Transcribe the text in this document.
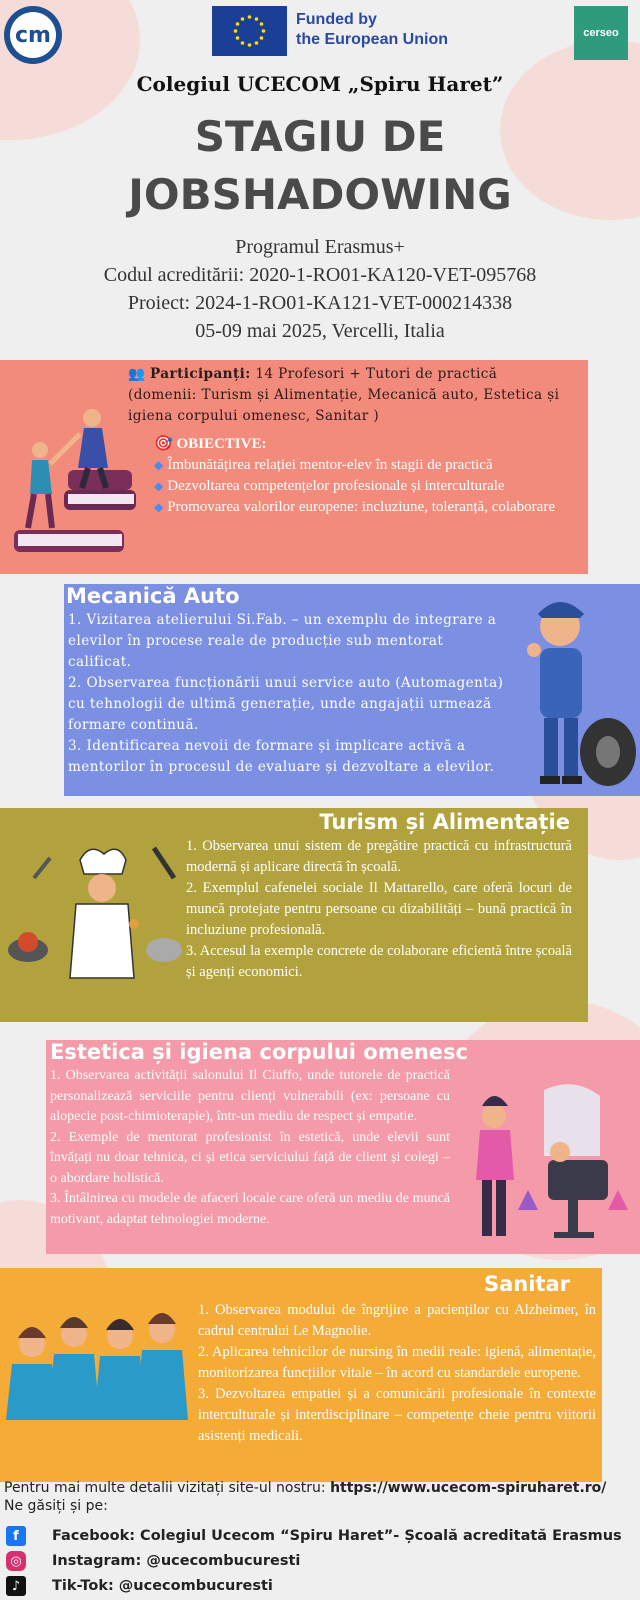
cm
Funded by
the European Union	cerseo
Colegiul UCECOM „Spiru Haret”
STAGIU DE
JOBSHADOWING
Programul Erasmus+
Codul acreditării: 2020-1-RO01-KA120-VET-095768
Proiect: 2024-1-RO01-KA121-VET-000214338
05-09 mai 2025, Vercelli, Italia
👥 Participanți: 14 Profesori + Tutori de practică (domenii: Turism și Alimentație, Mecanică auto, Estetica și igiena corpului omenesc, Sanitar )
🎯 OBIECTIVE:
◆ Îmbunătățirea relației mentor-elev în stagii de practică
◆ Dezvoltarea competențelor profesionale și interculturale
◆ Promovarea valorilor europene: incluziune, toleranță, colaborare
Mecanică Auto
1. Vizitarea atelierului Si.Fab. – un exemplu de integrare a elevilor în procese reale de producție sub mentorat calificat.
2. Observarea funcționării unui service auto (Automagenta) cu tehnologii de ultimă generație, unde angajații urmează formare continuă.
3. Identificarea nevoii de formare și implicare activă a mentorilor în procesul de evaluare și dezvoltare a elevilor.
Turism și Alimentație
1. Observarea unui sistem de pregătire practică cu infrastructură modernă și aplicare directă în școală.
2. Exemplul cafenelei sociale Il Mattarello, care oferă locuri de muncă protejate pentru persoane cu dizabilități – bună practică în incluziune profesională.
3. Accesul la exemple concrete de colaborare eficientă între școală și agenți economici.
Estetica și igiena corpului omenesc
1. Observarea activității salonului Il Ciuffo, unde tutorele de practică personalizează serviciile pentru clienți vulnerabili (ex: persoane cu alopecie post-chimioterapie), într-un mediu de respect și empatie.
2. Exemple de mentorat profesionist în estetică, unde elevii sunt învățați nu doar tehnica, ci și etica serviciului față de client și colegi – o abordare holistică.
3. Întâlnirea cu modele de afaceri locale care oferă un mediu de muncă motivant, adaptat tehnologiei moderne.
Sanitar
1. Observarea modului de îngrijire a pacienților cu Alzheimer, în cadrul centrului Le Magnolie.
2. Aplicarea tehnicilor de nursing în medii reale: igienă, alimentație, monitorizarea funcțiilor vitale – în acord cu standardele europene.
3. Dezvoltarea empatiei și a comunicării profesionale în contexte interculturale și interdisciplinare – competențe cheie pentru viitorii asistenți medicali.
Pentru mai multe detalii vizitați site-ul nostru: https://www.ucecom-spiruharet.ro/
Ne găsiți și pe:
f	Facebook: Colegiul Ucecom “Spiru Haret”- Școală acreditată Erasmus
◎ Instagram: @ucecombucuresti
♪	Tik-Tok: @ucecombucuresti
